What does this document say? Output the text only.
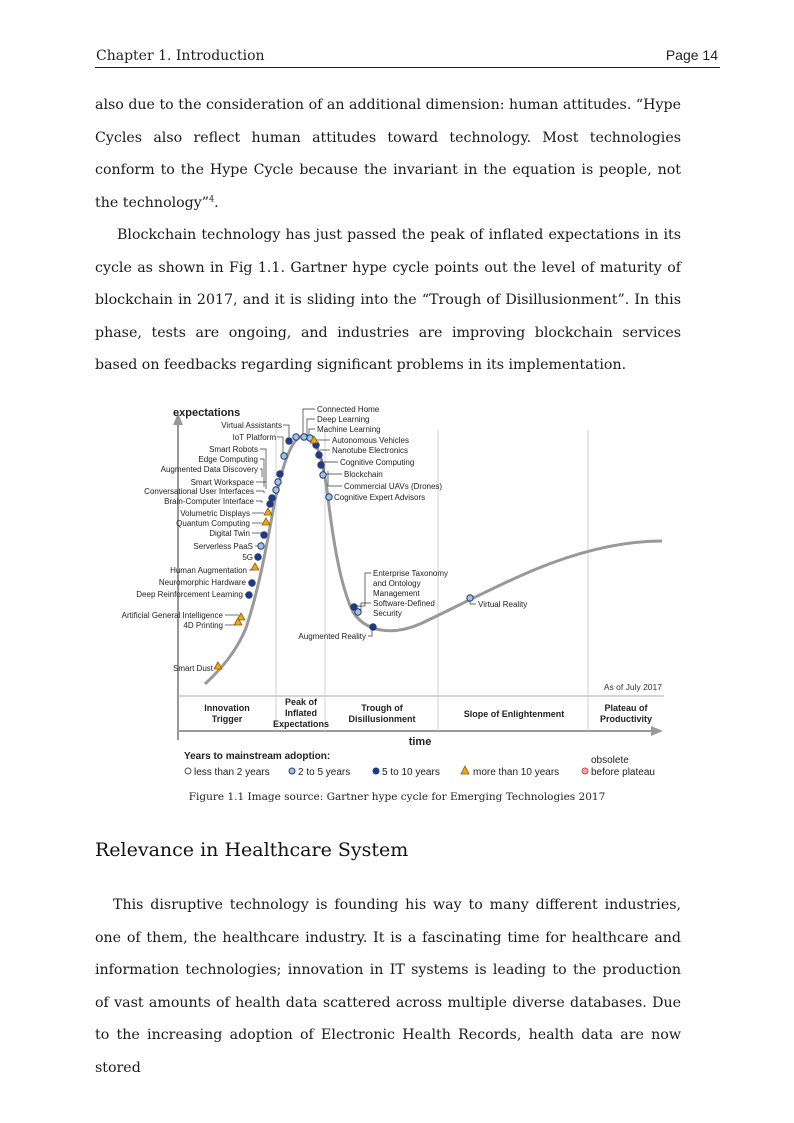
Chapter 1. Introduction	Page 14

also due to the consideration of an additional dimension: human attitudes. “Hype Cycles also reflect human attitudes toward technology. Most technologies conform to the Hype Cycle because the invariant in the equation is people, not the technology”$^4$.

Blockchain technology has just passed the peak of inflated expectations in its cycle as shown in Fig 1.1. Gartner hype cycle points out the level of maturity of blockchain in 2017, and it is sliding into the “Trough of Disillusionment”. In this phase, tests are ongoing, and industries are improving blockchain services based on feedbacks regarding significant problems in its implementation.

expectations
time
As of July 2017
Innovation
Trigger
Peak of
Inflated
Expectations
Trough of
Disillusionment	Slope of Enlightenment
Plateau of
Productivity
Virtual Assistants
IoT Platform
Smart Robots
Edge Computing
Augmented Data Discovery
Smart Workspace
Conversational User Interfaces
Brain-Computer Interface
Volumetric Displays
Quantum Computing
Digital Twin
Serverless PaaS
5G
Human Augmentation
Neuromorphic Hardware
Deep Reinforcement Learning
Artificial General Intelligence
4D Printing
Smart Dust
Connected Home
Deep Learning
Machine Learning
Autonomous Vehicles
Nanotube Electronics
Cognitive Computing
Blockchain
Commercial UAVs (Drones)
Cognitive Expert Advisors
Enterprise Taxonomy
and Ontology
Management
Software-Defined
Security
Augmented Reality
Virtual Reality
Years to mainstream adoption:
less than 2 years	2 to 5 years	5 to 10 years	more than 10 years
obsolete
before plateau
Figure 1.1 Image source: Gartner hype cycle for Emerging Technologies 2017
Relevance in Healthcare System

This disruptive technology is founding his way to many different industries, one of them, the healthcare industry. It is a fascinating time for healthcare and information technologies; innovation in IT systems is leading to the production of vast amounts of health data scattered across multiple diverse databases. Due to the increasing adoption of Electronic Health Records, health data are now stored
